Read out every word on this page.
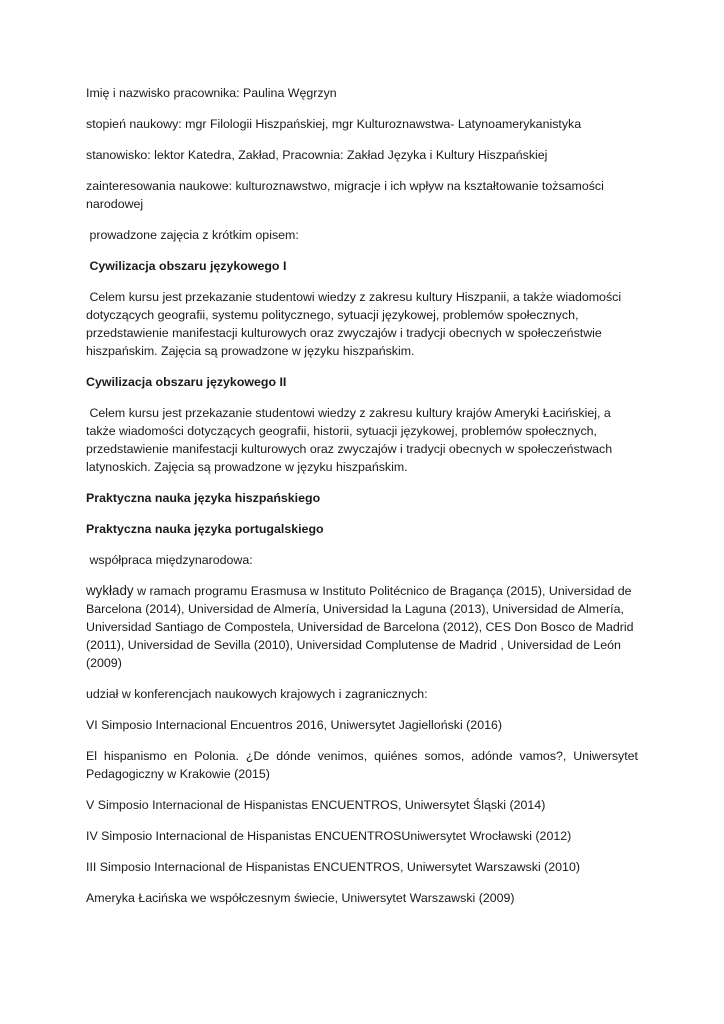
Imię i nazwisko pracownika: Paulina Węgrzyn

stopień naukowy: mgr Filologii Hiszpańskiej, mgr Kulturoznawstwa- Latynoamerykanistyka

stanowisko: lektor Katedra, Zakład, Pracownia: Zakład Języka i Kultury Hiszpańskiej

zainteresowania naukowe: kulturoznawstwo, migracje i ich wpływ na kształtowanie tożsamości narodowej

prowadzone zajęcia z krótkim opisem:

Cywilizacja obszaru językowego I

Celem kursu jest przekazanie studentowi wiedzy z zakresu kultury Hiszpanii, a także wiadomości dotyczących geografii, systemu politycznego, sytuacji językowej, problemów społecznych, przedstawienie manifestacji kulturowych oraz zwyczajów i tradycji obecnych w społeczeństwie hiszpańskim. Zajęcia są prowadzone w języku hiszpańskim.

Cywilizacja obszaru językowego II

Celem kursu jest przekazanie studentowi wiedzy z zakresu kultury krajów Ameryki Łacińskiej, a także wiadomości dotyczących geografii, historii, sytuacji językowej, problemów społecznych, przedstawienie manifestacji kulturowych oraz zwyczajów i tradycji obecnych w społeczeństwach latynoskich. Zajęcia są prowadzone w języku hiszpańskim.

Praktyczna nauka języka hiszpańskiego

Praktyczna nauka języka portugalskiego

współpraca międzynarodowa:

wykłady w ramach programu Erasmusa w Instituto Politécnico de Bragança (2015), Universidad de Barcelona (2014), Universidad de Almería, Universidad la Laguna (2013), Universidad de Almería, Universidad Santiago de Compostela, Universidad de Barcelona (2012), CES Don Bosco de Madrid (2011), Universidad de Sevilla (2010), Universidad Complutense de Madrid , Universidad de León (2009)

udział w konferencjach naukowych krajowych i zagranicznych:

VI Simposio Internacional Encuentros 2016, Uniwersytet Jagielloński (2016)

El hispanismo en Polonia. ¿De dónde venimos, quiénes somos, adónde vamos?, Uniwersytet Pedagogiczny w Krakowie (2015)

V Simposio Internacional de Hispanistas ENCUENTROS, Uniwersytet Śląski (2014)

IV Simposio Internacional de Hispanistas ENCUENTROSUniwersytet Wrocławski (2012)

III Simposio Internacional de Hispanistas ENCUENTROS, Uniwersytet Warszawski (2010)

Ameryka Łacińska we współczesnym świecie, Uniwersytet Warszawski (2009)
